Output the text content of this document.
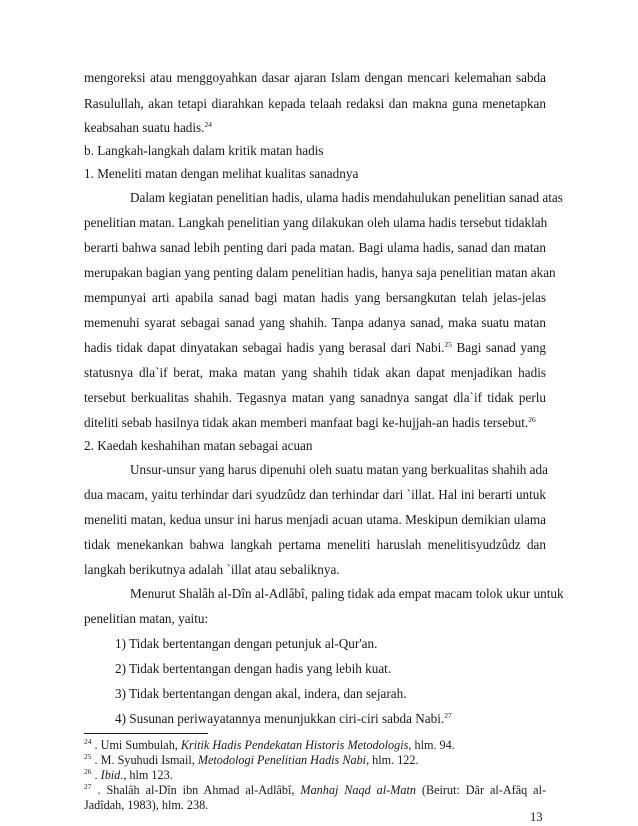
mengoreksi atau menggoyahkan dasar ajaran Islam dengan mencari kelemahan sabda
Rasulullah, akan tetapi diarahkan kepada telaah redaksi dan makna guna menetapkan
keabsahan suatu hadis.$^{24}$
b. Langkah-langkah dalam kritik matan hadis
1. Meneliti matan dengan melihat kualitas sanadnya
Dalam kegiatan penelitian hadis, ulama hadis mendahulukan penelitian sanad atas
penelitian matan. Langkah penelitian yang dilakukan oleh ulama hadis tersebut tidaklah
berarti bahwa sanad lebih penting dari pada matan. Bagi ulama hadis, sanad dan matan
merupakan bagian yang penting dalam penelitian hadis, hanya saja penelitian matan akan
mempunyai arti apabila sanad bagi matan hadis yang bersangkutan telah jelas-jelas
memenuhi syarat sebagai sanad yang shahih. Tanpa adanya sanad, maka suatu matan
hadis tidak dapat dinyatakan sebagai hadis yang berasal dari Nabi.$^{25}$ Bagi sanad yang
statusnya dla`if berat, maka matan yang shahih tidak akan dapat menjadikan hadis
tersebut berkualitas shahih. Tegasnya matan yang sanadnya sangat dla`if tidak perlu
diteliti sebab hasilnya tidak akan memberi manfaat bagi ke-hujjah-an hadis tersebut.$^{26}$
2. Kaedah keshahihan matan sebagai acuan
Unsur-unsur yang harus dipenuhi oleh suatu matan yang berkualitas shahih ada
dua macam, yaitu terhindar dari syudzûdz dan terhindar dari `illat. Hal ini berarti untuk
meneliti matan, kedua unsur ini harus menjadi acuan utama. Meskipun demikian ulama
tidak menekankan bahwa langkah pertama meneliti haruslah menelitisyudzûdz dan
langkah berikutnya adalah `illat atau sebaliknya.
Menurut Shalâh al-Dîn al-Adlâbî, paling tidak ada empat macam tolok ukur untuk
penelitian matan, yaitu:
1) Tidak bertentangan dengan petunjuk al-Qur'an.
2) Tidak bertentangan dengan hadis yang lebih kuat.
3) Tidak bertentangan dengan akal, indera, dan sejarah.
4) Susunan periwayatannya menunjukkan ciri-ciri sabda Nabi.$^{27}$
$^{24}$ . Umi Sumbulah, Kritik Hadis Pendekatan Historis Metodologis, hlm. 94.
$^{25}$ . M. Syuhudi Ismail, Metodologi Penelitian Hadis Nabi, hlm. 122.
$^{26}$ . Ibid., hlm 123.
$^{27}$ . Shalâh al-Dîn ibn Ahmad al-Adlâbî, Manhaj Naqd al-Matn (Beirut: Dâr al-Afâq al-
Jadîdah, 1983), hlm. 238.
13
